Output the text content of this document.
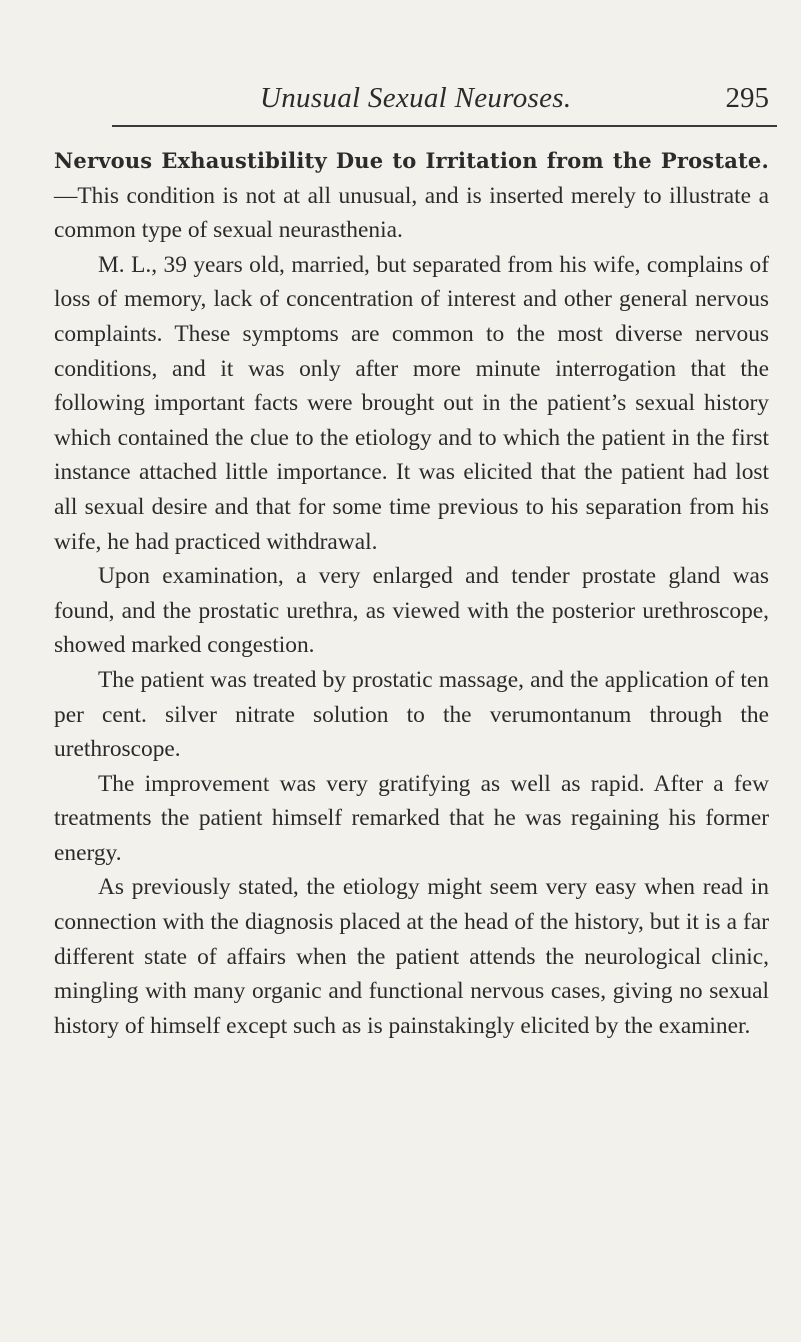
Unusual Sexual Neuroses.	295

Nervous Exhaustibility Due to Irritation from the Prostate.—This condition is not at all unusual, and is inserted merely to illustrate a common type of sexual neurasthenia.

M. L., 39 years old, married, but separated from his wife, complains of loss of memory, lack of concentration of interest and other general nervous complaints. These symptoms are common to the most diverse nervous conditions, and it was only after more minute interrogation that the following important facts were brought out in the patient’s sexual history which contained the clue to the etiology and to which the patient in the first instance attached little importance. It was elicited that the patient had lost all sexual desire and that for some time previous to his separation from his wife, he had practiced withdrawal.

Upon examination, a very enlarged and tender prostate gland was found, and the prostatic urethra, as viewed with the posterior urethroscope, showed marked congestion.

The patient was treated by prostatic massage, and the application of ten per cent. silver nitrate solution to the verumontanum through the urethroscope.

The improvement was very gratifying as well as rapid. After a few treatments the patient himself remarked that he was regaining his former energy.

As previously stated, the etiology might seem very easy when read in connection with the diagnosis placed at the head of the history, but it is a far different state of affairs when the patient attends the neurological clinic, mingling with many organic and functional nervous cases, giving no sexual history of himself except such as is painstakingly elicited by the examiner.
